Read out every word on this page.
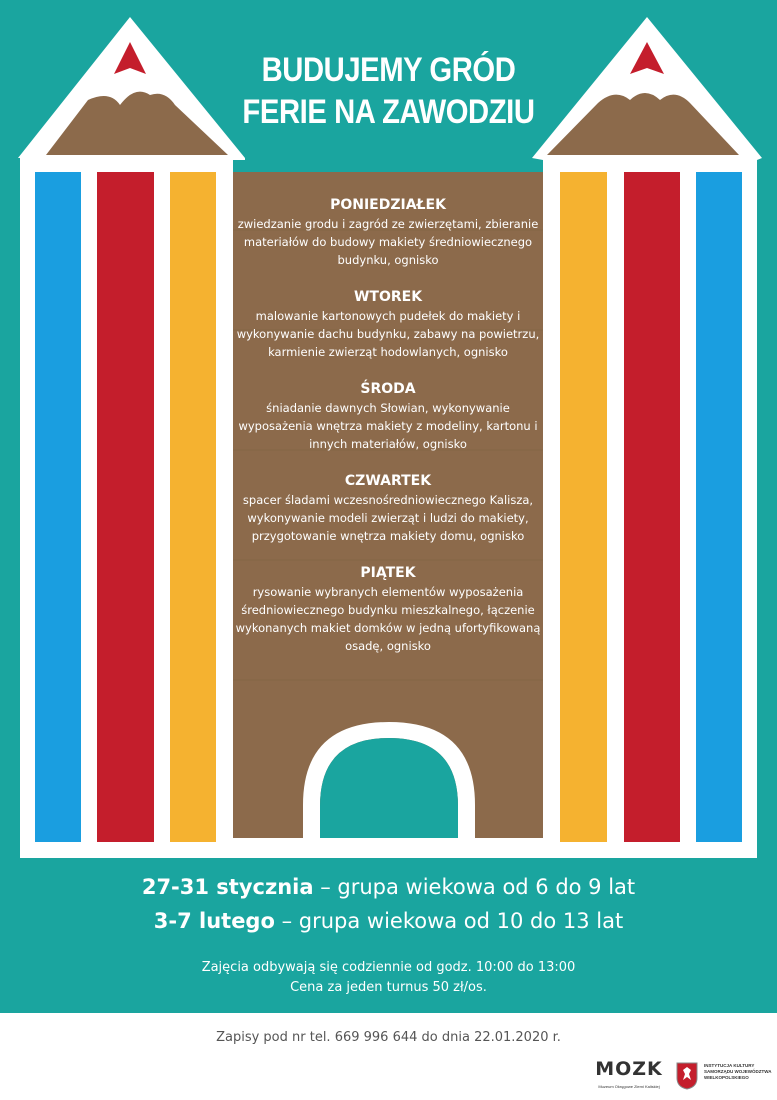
BUDUJEMY GRÓD
FERIE NA ZAWODZIU
PONIEDZIAŁEK
zwiedzanie grodu i zagród ze zwierzętami, zbieranie materiałów do budowy makiety średniowiecznego budynku, ognisko
WTOREK
malowanie kartonowych pudełek do makiety i wykonywanie dachu budynku, zabawy na powietrzu, karmienie zwierząt hodowlanych, ognisko
ŚRODA
śniadanie dawnych Słowian, wykonywanie wyposażenia wnętrza makiety z modeliny, kartonu i innych materiałów, ognisko
CZWARTEK
spacer śladami wczesnośredniowiecznego Kalisza, wykonywanie modeli zwierząt i ludzi do makiety, przygotowanie wnętrza makiety domu, ognisko
PIĄTEK
rysowanie wybranych elementów wyposażenia średniowiecznego budynku mieszkalnego, łączenie wykonanych makiet domków w jedną ufortyfikowaną osadę, ognisko
27-31 stycznia – grupa wiekowa od 6 do 9 lat
3-7 lutego – grupa wiekowa od 10 do 13 lat
Zajęcia odbywają się codziennie od godz. 10:00 do 13:00
Cena za jeden turnus 50 zł/os.
Zapisy pod nr tel. 669 996 644 do dnia 22.01.2020 r.
MOZK
Muzeum Okręgowe Ziemi Kaliskiej
INSTYTUCJA KULTURY SAMORZĄDU WOJEWÓDZTWA WIELKOPOLSKIEGO
